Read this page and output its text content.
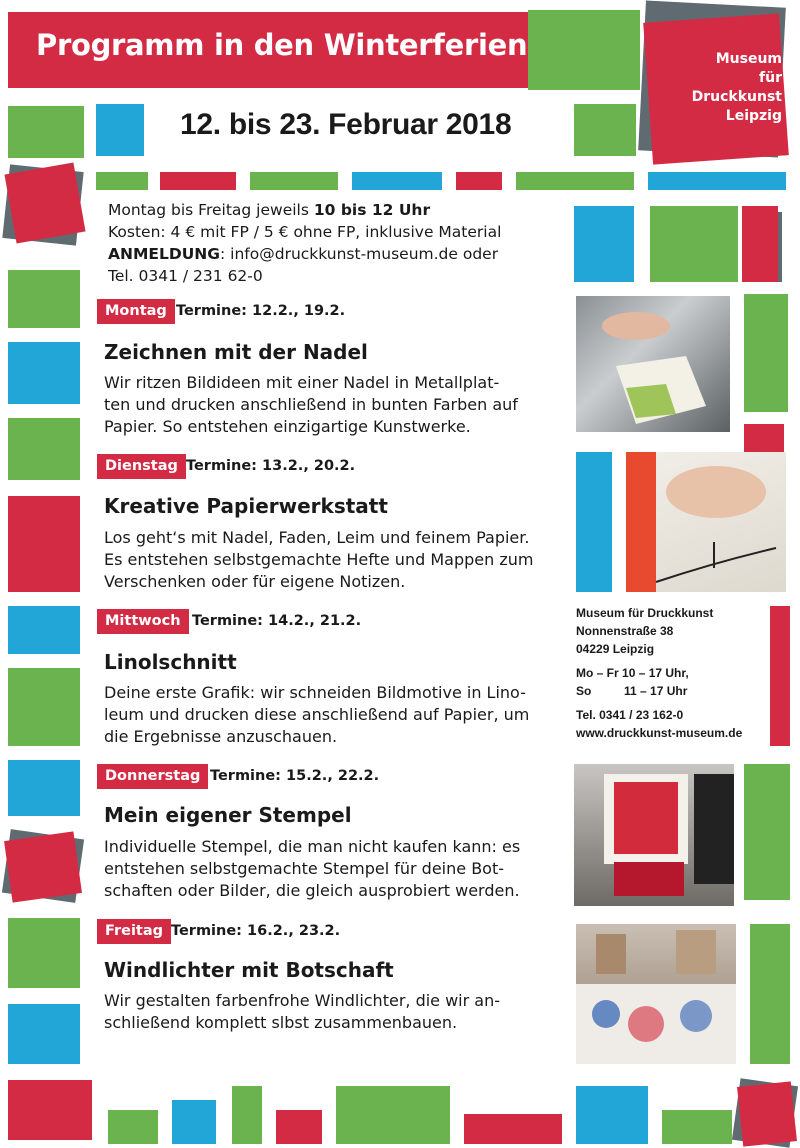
Programm in den Winterferien	Museum
für
Druckkunst
Leipzig
12. bis 23. Februar 2018
Montag bis Freitag jeweils 10 bis 12 Uhr
Kosten: 4 € mit FP / 5 € ohne FP, inklusive Material
ANMELDUNG: info@druckkunst-museum.de oder
Tel. 0341 / 231 62-0
Montag Termine: 12.2., 19.2.
Zeichnen mit der Nadel
Wir ritzen Bildideen mit einer Nadel in Metallplat-
ten und drucken anschließend in bunten Farben auf
Papier. So entstehen einzigartige Kunstwerke.
Dienstag Termine: 13.2., 20.2.
Kreative Papierwerkstatt
Los geht‘s mit Nadel, Faden, Leim und feinem Papier.
Es entstehen selbstgemachte Hefte und Mappen zum
Verschenken oder für eigene Notizen.
Mittwoch Termine: 14.2., 21.2.
Linolschnitt
Deine erste Grafik: wir schneiden Bildmotive in Lino-
leum und drucken diese anschließend auf Papier, um
die Ergebnisse anzuschauen.
Donnerstag Termine: 15.2., 22.2.
Mein eigener Stempel
Individuelle Stempel, die man nicht kaufen kann: es
entstehen selbstgemachte Stempel für deine Bot-
schaften oder Bilder, die gleich ausprobiert werden.
Freitag Termine: 16.2., 23.2.
Windlichter mit Botschaft
Wir gestalten farbenfrohe Windlichter, die wir an-
schließend komplett slbst zusammenbauen.
Museum für Druckkunst
Nonnenstraße 38
04229 Leipzig
Mo – Fr 10 – 17 Uhr,
So	11 – 17 Uhr
Tel. 0341 / 23 162-0
www.druckkunst-museum.de
